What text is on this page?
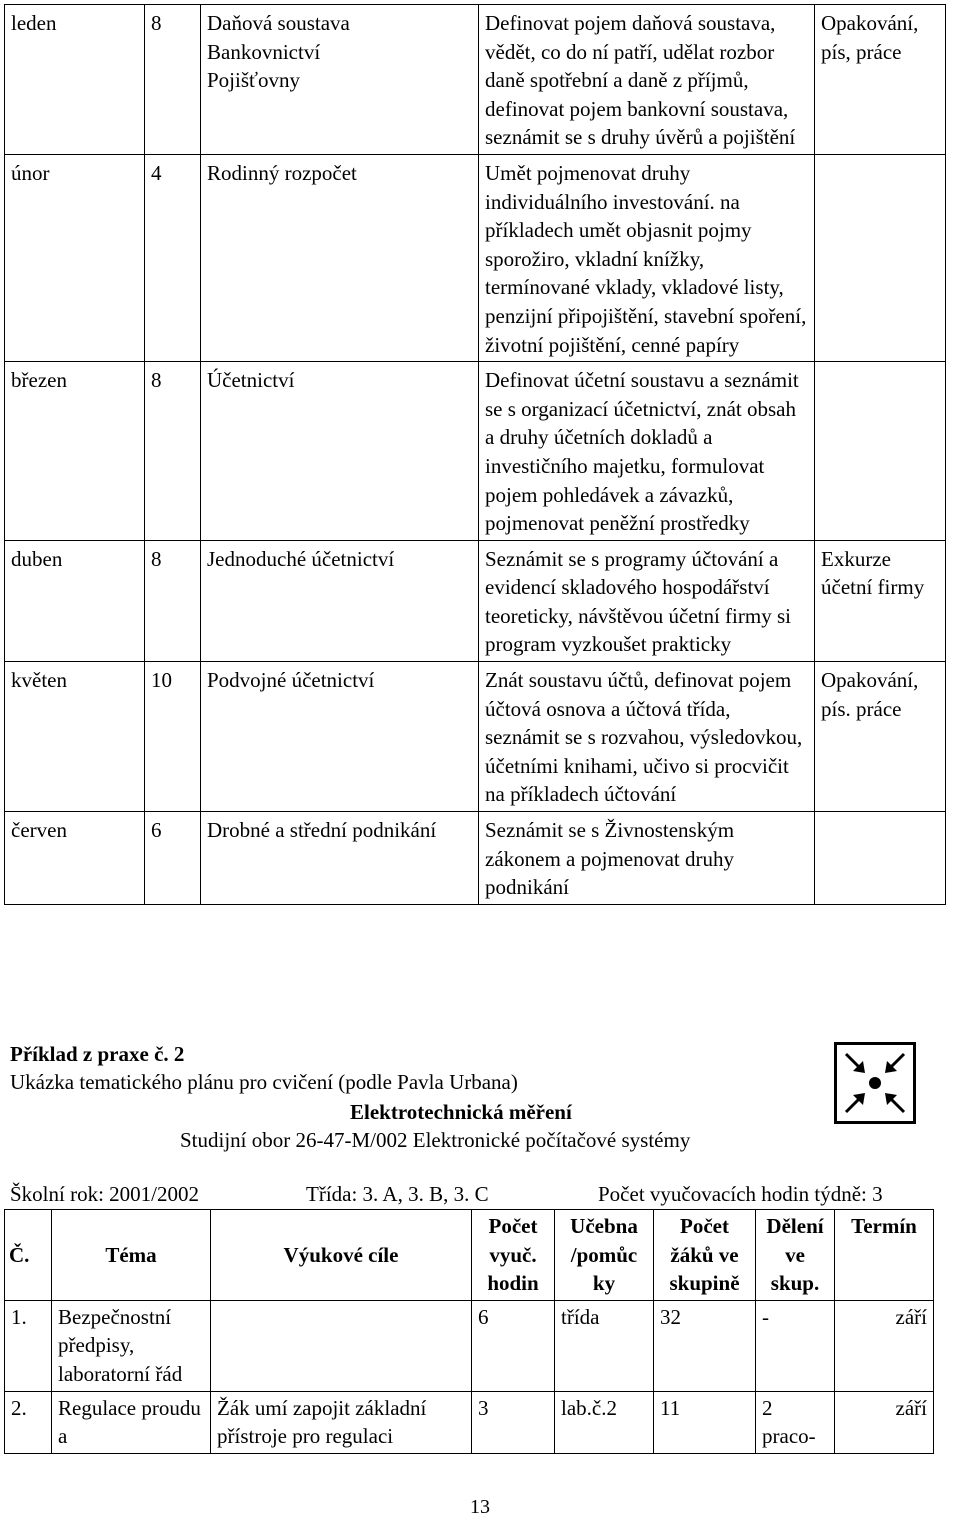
leden	8	Daňová soustava
Bankovnictví
Pojišťovny	Definovat pojem daňová soustava, vědět, co do ní patří, udělat rozbor daně spotřební a daně z příjmů, definovat pojem bankovní soustava, seznámit se s druhy úvěrů a pojištění	Opakování, pís, práce
únor	4	Rodinný rozpočet	Umět pojmenovat druhy individuálního investování. na příkladech umět objasnit pojmy sporožiro, vkladní knížky, termínované vklady, vkladové listy, penzijní připojištění, stavební spoření, životní pojištění, cenné papíry	
březen	8	Účetnictví	Definovat účetní soustavu a seznámit se s organizací účetnictví, znát obsah a druhy účetních dokladů a investičního majetku, formulovat pojem pohledávek a závazků, pojmenovat peněžní prostředky	
duben	8	Jednoduché účetnictví	Seznámit se s programy účtování a evidencí skladového hospodářství teoreticky, návštěvou účetní firmy si program vyzkoušet prakticky	Exkurze účetní firmy
květen	10	Podvojné účetnictví	Znát soustavu účtů, definovat pojem účtová osnova a účtová třída, seznámit se s rozvahou, výsledovkou, účetními knihami, učivo si procvičit na příkladech účtování	Opakování, pís. práce
červen	6	Drobné a střední podnikání	Seznámit se s Živnostenským zákonem a pojmenovat druhy podnikání	
Příklad z praxe č. 2
Ukázka tematického plánu pro cvičení (podle Pavla Urbana)
Elektrotechnická měření
Studijní obor 26-47-M/002 Elektronické počítačové systémy
Školní rok: 2001/2002	Třída: 3. A, 3. B, 3. C	Počet vyučovacích hodin týdně: 3
Č.	Téma	Výukové cíle	Počet vyuč. hodin	Učebna /pomůc ky	Počet žáků ve skupině	Dělení ve skup.	Termín
1.	Bezpečnostní předpisy, laboratorní řád		6	třída	32	-	září
2.	Regulace proudu a	Žák umí zapojit základní přístroje pro regulaci	3	lab.č.2	11	2 praco-	září
13
